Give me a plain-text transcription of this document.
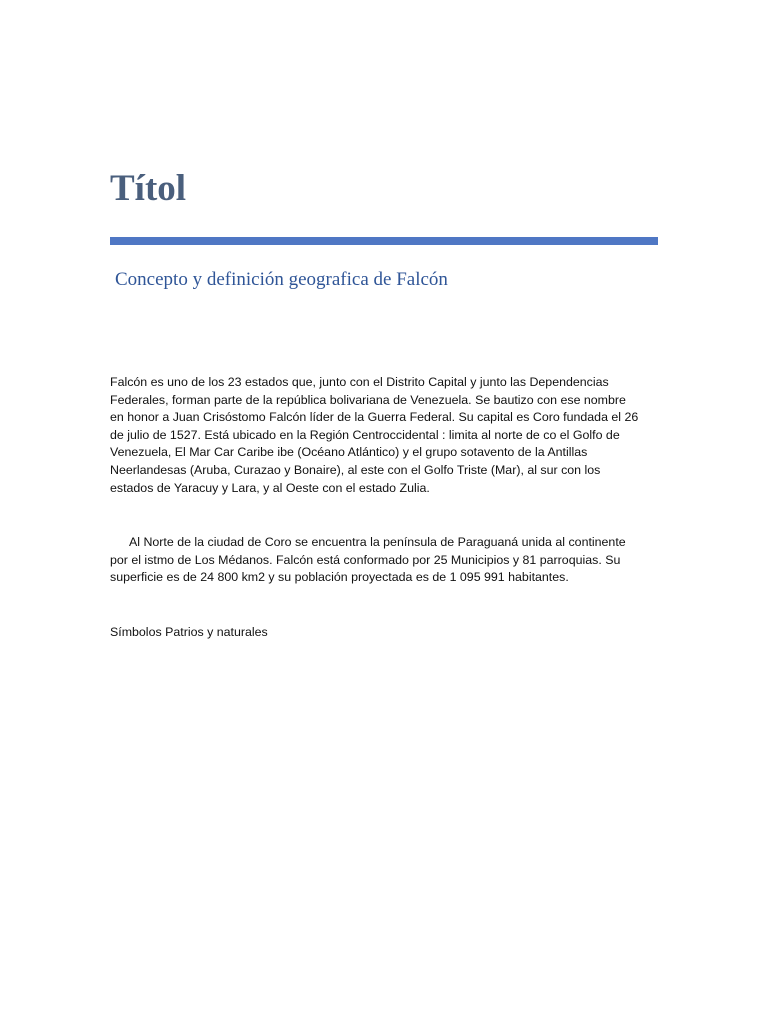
Títol
Concepto y definición geografica de Falcón

Falcón es uno de los 23 estados que, junto con el Distrito Capital y junto las Dependencias
Federales, forman parte de la república bolivariana de Venezuela. Se bautizo con ese nombre
en honor a Juan Crisóstomo Falcón líder de la Guerra Federal. Su capital es Coro fundada el 26
de julio de 1527. Está ubicado en la Región Centroccidental : limita al norte de co el Golfo de
Venezuela, El Mar Car Caribe ibe (Océano Atlántico) y el grupo sotavento de la Antillas
Neerlandesas (Aruba, Curazao y Bonaire), al este con el Golfo Triste (Mar), al sur con los
estados de Yaracuy y Lara, y al Oeste con el estado Zulia.

Al Norte de la ciudad de Coro se encuentra la península de Paraguaná unida al continente
por el istmo de Los Médanos. Falcón está conformado por 25 Municipios y 81 parroquias. Su
superficie es de 24 800 km2 y su población proyectada es de 1 095 991 habitantes.

Símbolos Patrios y naturales
